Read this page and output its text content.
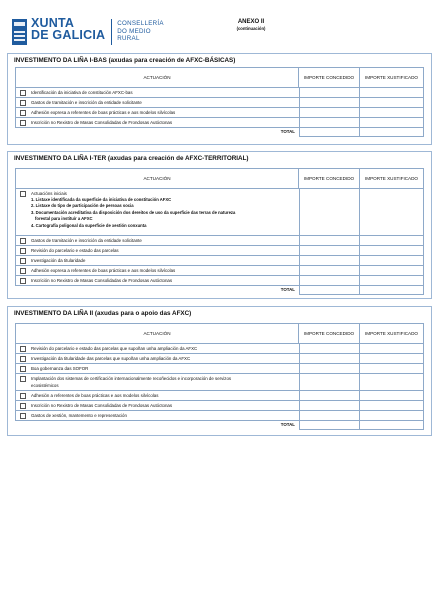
XUNTA
DE GALICIA
CONSELLERÍA
DO MEDIO
RURAL
ANEXO II
(continuación)
INVESTIMENTO DA LIÑA I-BAS (axudas para creación de AFXC-BÁSICAS)
ACTUACIÓN	IMPORTE CONCEDIDO	IMPORTE XUSTIFICADO
Identificación da iniciativa de constitución AFXC-bas
Gastos de tramitación e inscrición da entidade solicitante
Adhesión expresa a referentes de boas prácticas e aos modelos silvícolas
Inscrición no Rexistro de Masas Consolidadas de Frondosas Autóctonas
TOTAL
INVESTIMENTO DA LIÑA I-TER (axudas para creación de AFXC-TERRITORIAL)
ACTUACIÓN	IMPORTE CONCEDIDO	IMPORTE XUSTIFICADO
Actuacións iniciais
1. Listaxe identificada da superficie da iniciativa de constitución AFXC
2. Listaxe do tipo de participación de persoas socia
3. Documentación acreditativa da disposición dos dereitos de uso da superficie das terras de natureza
forestal para instituír a AFXC
4. Cartografía poligonal da superficie de xestión conxunta
Gastos de tramitación e inscrición da entidade solicitante
Revisión do parcelario e estado das parcelas
Investigación da titularidade
Adhesión expresa a referentes de boas prácticas e aos modelos silvícolas
Inscrición no Rexistro de Masas Consolidadas de Frondosas Autóctonas
TOTAL
INVESTIMENTO DA LIÑA II (axudas para o apoio das AFXC)
ACTUACIÓN	IMPORTE CONCEDIDO	IMPORTE XUSTIFICADO
Revisión do parcelario e estado das parcelas que supoñan unha ampliación da AFXC
Investigación da titularidade das parcelas que supoñan unha ampliación da AFXC
Boa gobernanza das SOFOR
Implantación dos sistemas de certificación internacionalmente recoñecidos e incorporación de servizos
ecosistémicos
Adhesión a referentes de boas prácticas e aos modelos silvícolas
Inscrición no Rexistro de Masas Consolidadas de Frondosas Autóctonas
Gastos de xestión, mantemento e representación
TOTAL
